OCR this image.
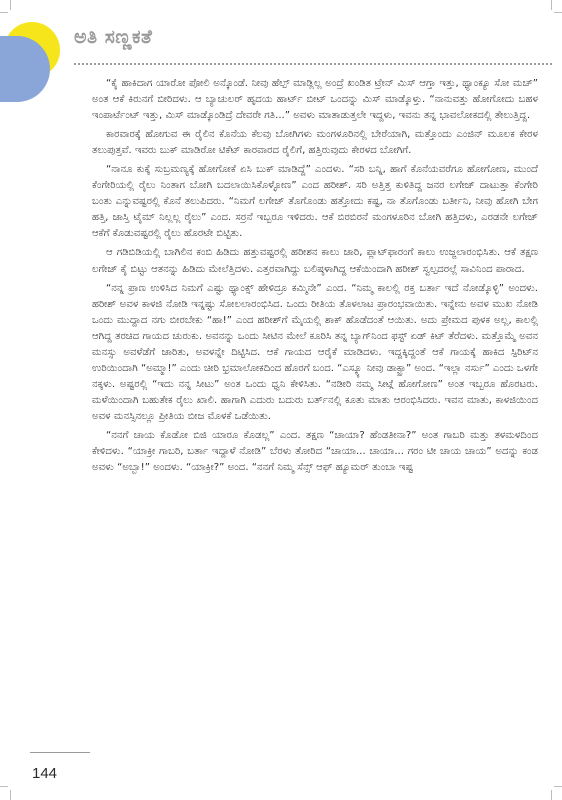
ಅತಿ ಸಣ್ಣಕತೆ

“ಕೈ ಹಾಕಿದಾಗ ಯಾರೋ ಪೋಲಿ ಅನ್ಕೊಂಡೆ. ನೀವು ಹೆಲ್ಪ್ ಮಾಡ್ಲಿಲ್ಲ ಅಂದ್ರೆ ಖಂಡಿತ ಟ್ರೇನ್ ಮಿಸ್ ಆಗ್ತಾ ಇತ್ತು, ಥ್ಯಾಂಕ್ಯೂ ಸೋ ಮಚ್” ಅಂತ ಆಕೆ ಕಿರುನಗೆ ಬೀರಿದಳು. ಆ ಬ್ಯಾಚುಲರ್ ಹೃದಯ ಹಾರ್ಟ್ ಬೀಟ್ ಒಂದನ್ನು ಮಿಸ್ ಮಾಡ್ಕೊಳ್ತು. “ನಾನುವತ್ತು ಹೋಗೋದು ಬಹಳ ಇಂಪಾರ್ಟೆಂಟ್ ಇತ್ತು, ಮಿಸ್ ಮಾಡ್ಕೊಂಡಿದ್ರೆ ದೇವರೇ ಗತಿ...” ಅವಳು ಮಾತಾಡುತ್ತಲೇ ಇದ್ದಳು, ಇವನು ತನ್ನ ಭಾವಲೋಕದಲ್ಲಿ ತೇಲುತ್ತಿದ್ದ.

ಕಾರವಾರಕ್ಕೆ ಹೋಗುವ ಈ ರೈಲಿನ ಕೊನೆಯ ಕೆಲವು ಬೋಗಿಗಳು ಮಂಗಳೂರಿನಲ್ಲಿ ಬೇರೆಯಾಗಿ, ಮತ್ತೊಂದು ಎಂಜಿನ್ ಮೂಲಕ ಕೇರಳ ತಲುಪುತ್ತವೆ. ಇವರು ಬುಕ್ ಮಾಡಿರೋ ಟಿಕೆಟ್ ಕಾರವಾರದ ರೈಲಿಗೆ, ಹತ್ತಿರುವುದು ಕೇರಳದ ಬೋಗಿಗೆ.

“ನಾನೂ ಕುಕ್ಕೆ ಸುಬ್ರಮಣ್ಯಕ್ಕೆ ಹೋಗೋಕೆ ಏಸಿ ಬುಕ್ ಮಾಡಿದ್ದೆ” ಎಂದಳು. “ಸರಿ ಬನ್ನಿ, ಹಾಗೆ ಕೊನೆಯವರೆಗೂ ಹೋಗೋಣ, ಮುಂದೆ ಕೆಂಗೇರಿಯಲ್ಲಿ ರೈಲು ನಿಂತಾಗ ಬೋಗಿ ಬದಲಾಯಿಸಿಕೊಳ್ಳೋಣ” ಎಂದ ಹರೀಶ್. ಸರಿ ಅತ್ತಿತ್ತ ಕುಳಿತಿದ್ದ ಜನರ ಲಗೇಜ್ ದಾಟುತ್ತಾ ಕೆಂಗೇರಿ ಬಂತು ಎನ್ನುವಷ್ಟರಲ್ಲಿ ಕೊನೆ ತಲುಪಿದರು. “ನಿಮಗೆ ಲಗೇಜ್ ತೊಗೊಂಡು ಹತ್ತೋದು ಕಷ್ಟ, ನಾ ತೊಗೊಂಡು ಬರ್ತೀನಿ, ನೀವು ಹೋಗಿ ಬೇಗ ಹತ್ತಿ, ಜಾಸ್ತಿ ಟೈಮ್ ನಿಲ್ಲಲ್ಲ ರೈಲು” ಎಂದ. ಸರ್ರನೆ ಇಬ್ಬರೂ ಇಳಿದರು. ಆಕೆ ಬಿರಬಿರನೆ ಮಂಗಳೂರಿನ ಬೋಗಿ ಹತ್ತಿದಳು, ಎರಡನೇ ಲಗೇಜ್ ಆಕೆಗೆ ಕೊಡುವಷ್ಟರಲ್ಲಿ ರೈಲು ಹೊರಟೇ ಬಿಟ್ಟಿತು.

ಆ ಗಡಿಬಿಡಿಯಲ್ಲಿ ಬಾಗಿಲಿನ ಕಂಬಿ ಹಿಡಿದು ಹತ್ತುವಷ್ಟರಲ್ಲಿ ಹರೀಶನ ಕಾಲು ಜಾರಿ, ಪ್ಲಾಟ್‌ಫಾರಂಗೆ ಕಾಲು ಉಜ್ಜಲಾರಂಭಿಸಿತು. ಆಕೆ ತಕ್ಷಣ ಲಗೇಜ್ ಕೈ ಬಿಟ್ಟು ಆತನನ್ನು ಹಿಡಿದು ಮೇಲೆತ್ತಿದಳು. ಎತ್ತರವಾಗಿದ್ದು ಬಲಿಷ್ಠಳಾಗಿದ್ದ ಆಕೆಯಿಂದಾಗಿ ಹರೀಶ್ ಸ್ವಲ್ಪದರಲ್ಲೆ ಸಾವಿನಿಂದ ಪಾರಾದ.

“ನನ್ನ ಪ್ರಾಣ ಉಳಿಸಿದ ನಿಮಗೆ ಎಷ್ಟು ಥ್ಯಾಂಕ್ಸ್ ಹೇಳಿದ್ರೂ ಕಮ್ಮಿನೇ” ಎಂದ. “ನಿಮ್ಮ ಕಾಲಲ್ಲಿ ರಕ್ತ ಬರ್ತಾ ಇದೆ ನೋಡ್ಕೊಳ್ಳಿ” ಅಂದಳು. ಹರೀಶ್ ಅವಳ ಕಾಳಜಿ ನೋಡಿ ಇನ್ನಷ್ಟು ಸೋಲಲಾರಂಭಿಸಿದ. ಒಂದು ರೀತಿಯ ತೊಳಲಾಟ ಪ್ರಾರಂಭವಾಯಿತು. ಇನ್ನೇನು ಅವಳ ಮುಖ ನೋಡಿ ಒಂದು ಮುದ್ದಾದ ನಗು ಬೀರಬೇಕು “ಹಾ!” ಎಂದ ಹರೀಶ್‌ಗೆ ಮೈಯಲ್ಲಿ ಶಾಕ್ ಹೊಡೆದಂತೆ ಆಯಿತು. ಅದು ಪ್ರೇಮದ ಪುಳಕ ಅಲ್ಲ, ಕಾಲಲ್ಲಿ ಆಗಿದ್ದ ತರಚಿದ ಗಾಯದ ಚುರುಕು. ಅವನನ್ನು ಒಂದು ಸೀಟಿನ ಮೇಲೆ ಕೂರಿಸಿ ತನ್ನ ಬ್ಯಾಗ್‌ನಿಂದ ಫಸ್ಟ್ ಏಡ್ ಕಿಟ್ ತೆರೆದಳು. ಮತ್ತೊಮ್ಮೆ ಅವನ ಮನಸ್ಸು ಅವಳೆಡೆಗೆ ಜಾರಿತು, ಅವಳನ್ನೇ ದಿಟ್ಟಿಸಿದ. ಆಕೆ ಗಾಯದ ಆರೈಕೆ ಮಾಡಿದಳು. ಇದ್ದಕ್ಕಿದ್ದಂತೆ ಆಕೆ ಗಾಯಕ್ಕೆ ಹಾಕಿದ ಸ್ಪಿರಿಟ್‌ನ ಉರಿಯಿಂದಾಗಿ “ಅಮ್ಮಾ!” ಎಂದು ಚೀರಿ ಭ್ರಮಾಲೋಕದಿಂದ ಹೊರಗೆ ಬಂದ. “ಎಸ್ಕ್ಯೂ ನೀವು ಡಾಕ್ಟ್ರಾ” ಅಂದ. “ಇಲ್ಲಾ ನರ್ಸು” ಎಂದು ಒಳಗೇ ನಕ್ಕಳು. ಅಷ್ಟರಲ್ಲಿ “ಇದು ನನ್ನ ಸೀಟು” ಅಂತ ಒಂದು ಧ್ವನಿ ಕೇಳಿಸಿತು. “ನಡೀರಿ ನಮ್ಮ ಸೀಟ್ಗೆ ಹೋಗೋಣ” ಅಂತ ಇಬ್ಬರೂ ಹೊರಟರು. ಮಳೆಯಿಂದಾಗಿ ಬಹುತೇಕ ರೈಲು ಖಾಲಿ. ಹಾಗಾಗಿ ಎದುರು ಬದುರು ಬರ್ತ್‌ನಲ್ಲಿ ಕೂತು ಮಾತು ಆರಂಭಿಸಿದರು. ಇವನ ಮಾತು, ಕಾಳಜಿಯಿಂದ ಅವಳ ಮನಸ್ಸಿನಲ್ಲೂ ಪ್ರೀತಿಯ ಬೀಜ ಮೊಳಕೆ ಒಡೆಯಿತು.

“ನನಗೆ ಚಾಯ ಕೊಡೋ ಬಿಜಿ ಯಾರೂ ಕೊಡಲ್ಲ” ಎಂದ. ತಕ್ಷಣ “ಚಾಯಾ? ಹೆಂಡತೀನಾ?” ಅಂತ ಗಾಬರಿ ಮತ್ತು ತಳಮಳದಿಂದ ಕೇಳಿದಳು. “ಯಾಕ್ರೀ ಗಾಬರಿ, ಬರ್ತಾ ಇದ್ದಾಳೆ ನೋಡಿ” ಬೆರಳು ತೋರಿದ “ಚಾಯಾ... ಚಾಯಾ... ಗರಂ ಟೀ ಚಾಯ ಚಾಯ” ಅದನ್ನು ಕಂಡ ಅವಳು “ಅಬ್ಬಾ!” ಅಂದಳು. “ಯಾಕ್ರೀ?” ಅಂದ. “ನನಗೆ ನಿಮ್ಮ ಸೆನ್ಸ್ ಆಫ್ ಹ್ಯೂಮರ್ ತುಂಬಾ ಇಷ್ಟ

144
